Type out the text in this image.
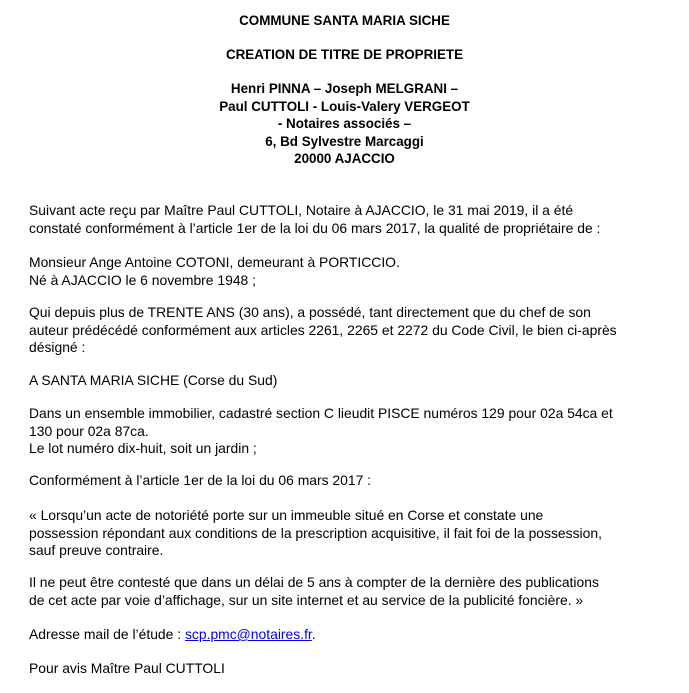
COMMUNE SANTA MARIA SICHE
CREATION DE TITRE DE PROPRIETE
Henri PINNA – Joseph MELGRANI –
Paul CUTTOLI - Louis-Valery VERGEOT
- Notaires associés –
6, Bd Sylvestre Marcaggi
20000 AJACCIO
Suivant acte reçu par Maître Paul CUTTOLI, Notaire à AJACCIO, le 31 mai 2019, il a été
constaté conformément à l’article 1er de la loi du 06 mars 2017, la qualité de propriétaire de :
Monsieur Ange Antoine COTONI, demeurant à PORTICCIO.
Né à AJACCIO le 6 novembre 1948 ;
Qui depuis plus de TRENTE ANS (30 ans), a possédé, tant directement que du chef de son
auteur prédécédé conformément aux articles 2261, 2265 et 2272 du Code Civil, le bien ci-après
désigné :
A SANTA MARIA SICHE (Corse du Sud)
Dans un ensemble immobilier, cadastré section C lieudit PISCE numéros 129 pour 02a 54ca et
130 pour 02a 87ca.
Le lot numéro dix-huit, soit un jardin ;
Conformément à l’article 1er de la loi du 06 mars 2017 :
« Lorsqu’un acte de notoriété porte sur un immeuble situé en Corse et constate une
possession répondant aux conditions de la prescription acquisitive, il fait foi de la possession,
sauf preuve contraire.
Il ne peut être contesté que dans un délai de 5 ans à compter de la dernière des publications
de cet acte par voie d’affichage, sur un site internet et au service de la publicité foncière. »
Adresse mail de l’étude : scp.pmc@notaires.fr.
Pour avis Maître Paul CUTTOLI
